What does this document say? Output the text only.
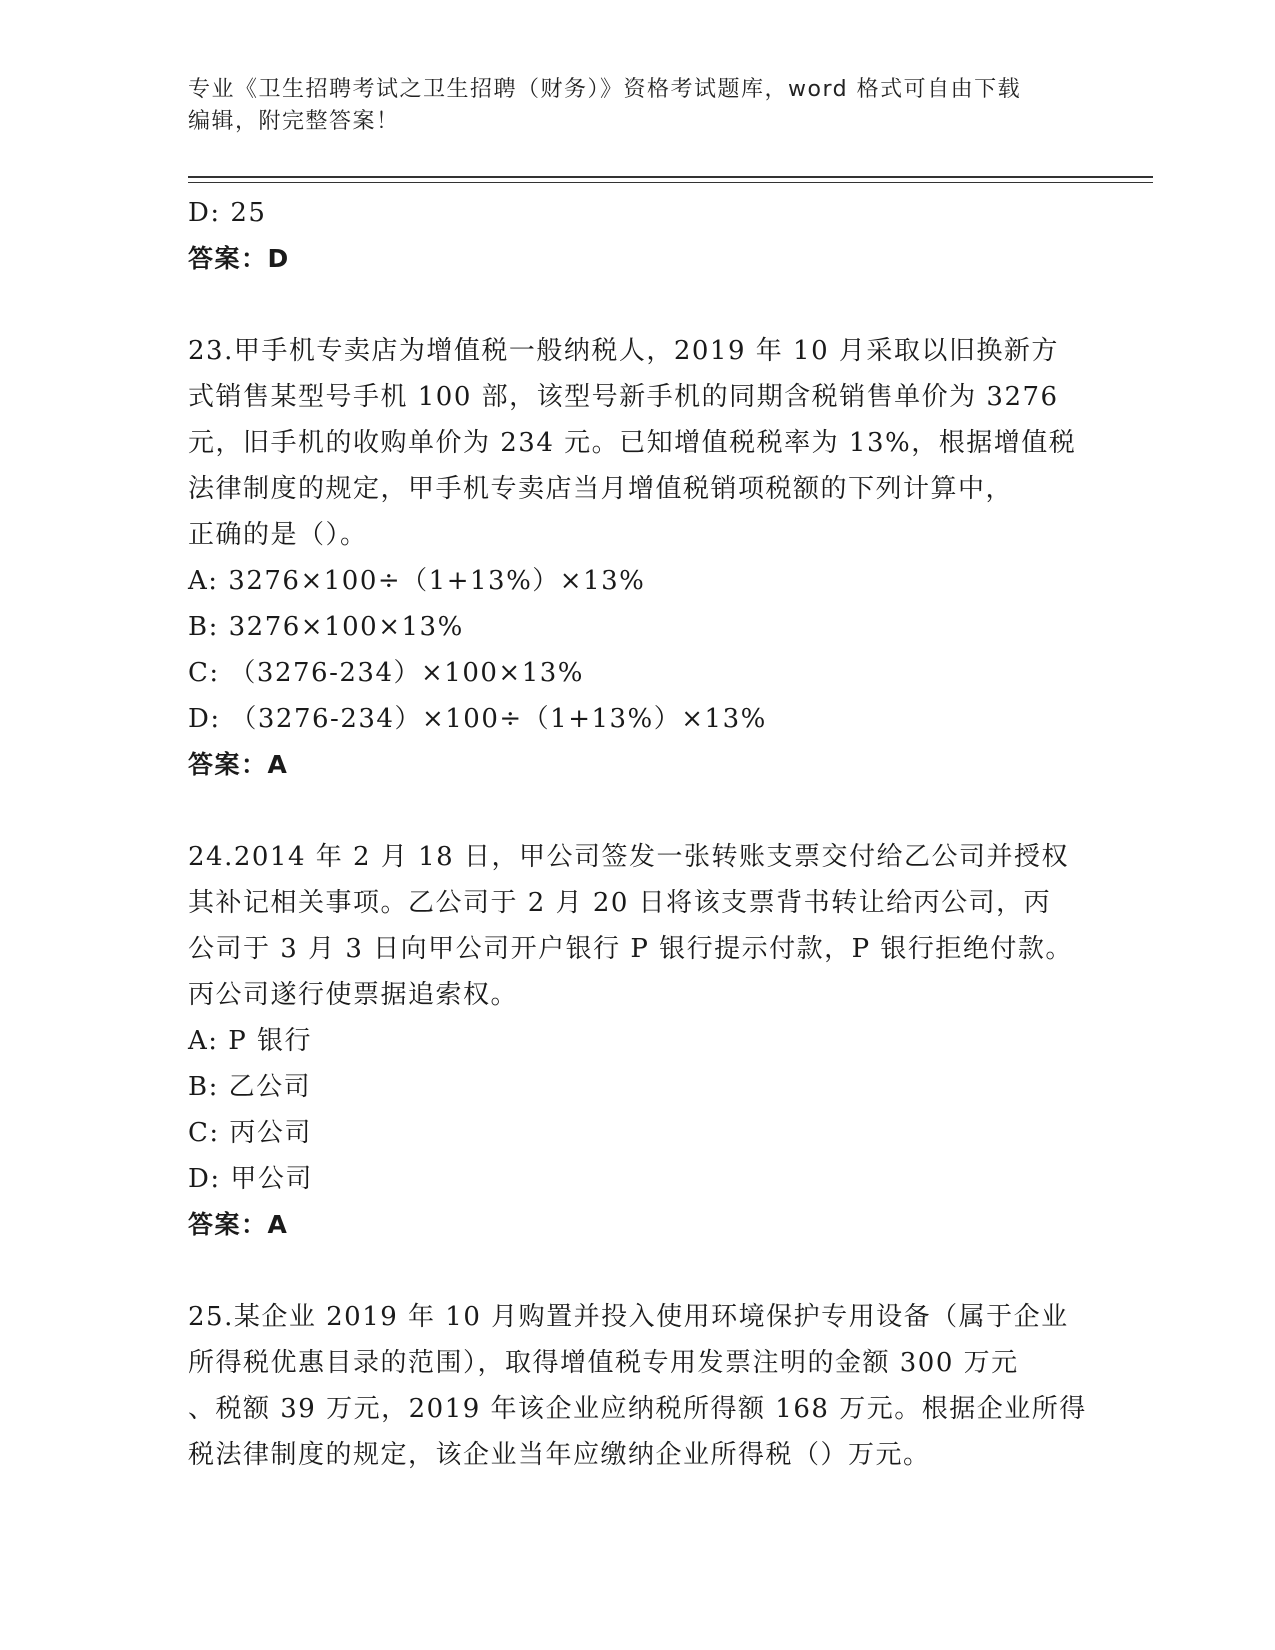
专业《卫生招聘考试之卫生招聘（财务）》资格考试题库，word 格式可自由下载
编辑，附完整答案！
D: 25
答案：D
23.甲手机专卖店为增值税一般纳税人，2019 年 10 月采取以旧换新方
式销售某型号手机 100 部，该型号新手机的同期含税销售单价为 3276
元，旧手机的收购单价为 234 元。已知增值税税率为 13%，根据增值税
法律制度的规定，甲手机专卖店当月增值税销项税额的下列计算中，
正确的是（）。
A: 3276×100÷（1+13%）×13%
B: 3276×100×13%
C: （3276-234）×100×13%
D: （3276-234）×100÷（1+13%）×13%
答案：A
24.2014 年 2 月 18 日，甲公司签发一张转账支票交付给乙公司并授权
其补记相关事项。乙公司于 2 月 20 日将该支票背书转让给丙公司，丙
公司于 3 月 3 日向甲公司开户银行 P 银行提示付款，P 银行拒绝付款。
丙公司遂行使票据追索权。
A: P 银行
B: 乙公司
C: 丙公司
D: 甲公司
答案：A
25.某企业 2019 年 10 月购置并投入使用环境保护专用设备（属于企业
所得税优惠目录的范围），取得增值税专用发票注明的金额 300 万元
、税额 39 万元，2019 年该企业应纳税所得额 168 万元。根据企业所得
税法律制度的规定，该企业当年应缴纳企业所得税（）万元。
